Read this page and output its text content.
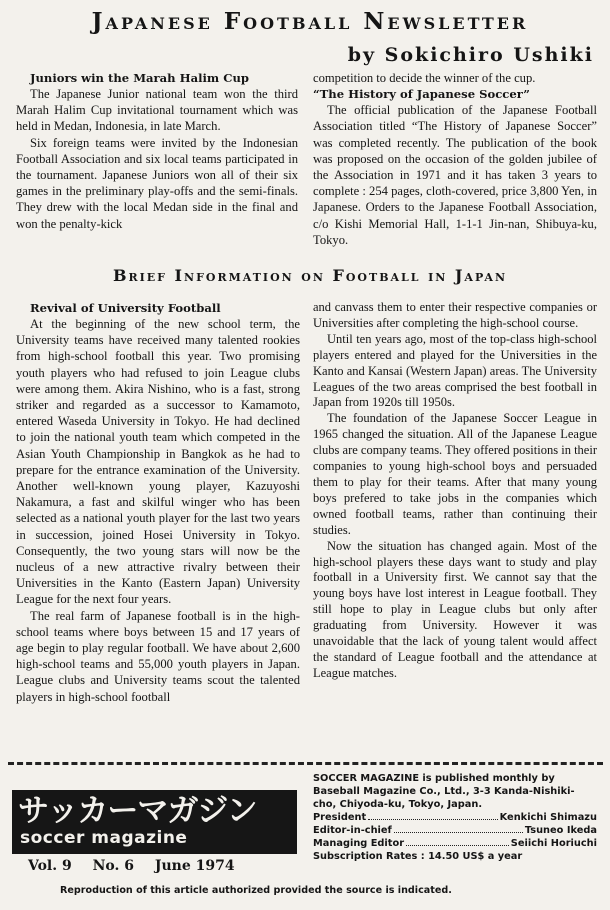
Japanese Football Newsletter
by Sokichiro Ushiki
Juniors win the Marah Halim Cup

The Japanese Junior national team won the third Marah Halim Cup invitational tournament which was held in Medan, Indonesia, in late March.

Six foreign teams were invited by the Indonesian Football Association and six local teams participated in the tournament. Japanese Juniors won all of their six games in the preliminary play-offs and the semi-finals. They drew with the local Medan side in the final and won the penalty-kick

competition to decide the winner of the cup.

“The History of Japanese Soccer”

The official publication of the Japanese Football Association titled “The History of Japanese Soccer” was completed recently. The publication of the book was proposed on the occasion of the golden jubilee of the Association in 1971 and it has taken 3 years to complete : 254 pages, cloth-covered, price 3,800 Yen, in Japanese. Orders to the Japanese Football Association, c/o Kishi Memorial Hall, 1-1-1 Jin-nan, Shibuya-ku, Tokyo.

Brief Information on Football in Japan
Revival of University Football

At the beginning of the new school term, the University teams have received many talented rookies from high-school football this year. Two promising youth players who had refused to join League clubs were among them. Akira Nishino, who is a fast, strong striker and regarded as a successor to Kamamoto, entered Waseda University in Tokyo. He had declined to join the national youth team which competed in the Asian Youth Championship in Bangkok as he had to prepare for the entrance examination of the University. Another well-known young player, Kazuyoshi Nakamura, a fast and skilful winger who has been selected as a national youth player for the last two years in succession, joined Hosei University in Tokyo. Consequently, the two young stars will now be the nucleus of a new attractive rivalry between their Universities in the Kanto (Eastern Japan) University League for the next four years.

The real farm of Japanese football is in the high-school teams where boys between 15 and 17 years of age begin to play regular football. We have about 2,600 high-school teams and 55,000 youth players in Japan. League clubs and University teams scout the talented players in high-school football

and canvass them to enter their respective companies or Universities after completing the high-school course.

Until ten years ago, most of the top-class high-school players entered and played for the Universities in the Kanto and Kansai (Western Japan) areas. The University Leagues of the two areas comprised the best football in Japan from 1920s till 1950s.

The foundation of the Japanese Soccer League in 1965 changed the situation. All of the Japanese League clubs are company teams. They offered positions in their companies to young high-school boys and persuaded them to play for their teams. After that many young boys prefered to take jobs in the companies which owned football teams, rather than continuing their studies.

Now the situation has changed again. Most of the high-school players these days want to study and play football in a University first. We cannot say that the young boys have lost interest in League football. They still hope to play in League clubs but only after graduating from University. However it was unavoidable that the lack of young talent would affect the standard of League football and the attendance at League matches.

サッカーマガジン
soccer magazine
Vol. 9 No. 6 June 1974
SOCCER MAGAZINE is published monthly by Baseball Magazine Co., Ltd., 3-3 Kanda-Nishiki-cho, Chiyoda-ku, Tokyo, Japan.
President	Kenkichi Shimazu
Editor-in-chief	Tsuneo Ikeda
Managing Editor	Seiichi Horiuchi
Subscription Rates : 14.50 US$ a year
Reproduction of this article authorized provided the source is indicated.
